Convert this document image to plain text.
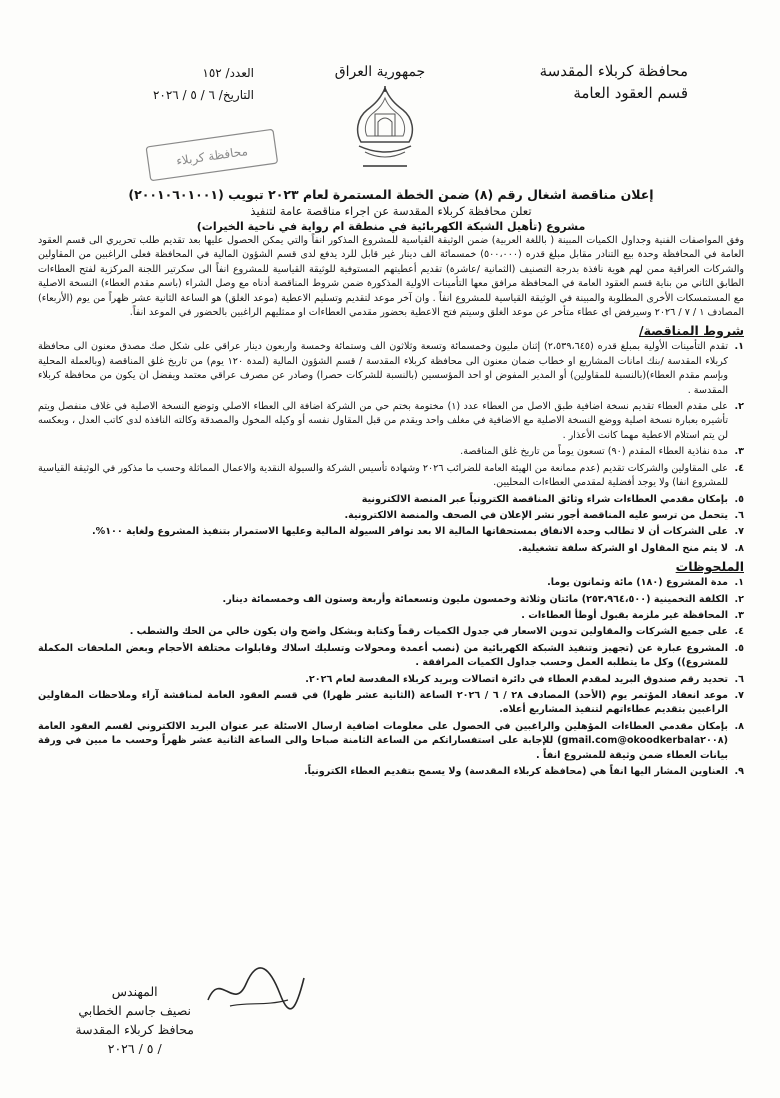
محافظة كربلاء المقدسة
قسم العقود العامة
جمهورية العراق
العدد/ ١٥٢
التاريخ/ ٦ / ٥ / ٢٠٢٦
محافظة كربلاء

إعلان مناقصة اشغال رقم (٨) ضمن الخطة المستمرة لعام ٢٠٢٣ تبويب (٢٠٠١٠٦٠١٠٠١)

تعلن محافظة كربلاء المقدسة عن اجراء مناقصة عامة لتنفيذ

مشروع (تأهيل الشبكة الكهربائية في منطقة ام رواية في ناحية الخيرات)

وفق المواصفات الفنية وجداول الكميات المبينة ( باللغة العربية) ضمن الوثيقة القياسية للمشروع المذكور انفاً والتي يمكن الحصول عليها بعد تقديم طلب تحريري الى قسم العقود العامة في المحافظة وحدة بيع التنادر مقابل مبلغ قدره (٥٠٠،٠٠٠) خمسمائة الف دينار غير قابل للرد يدفع لدى قسم الشؤون المالية في المحافظة فعلى الراغبين من المقاولين والشركات العراقية ممن لهم هوية نافذة بدرجة التصنيف (الثمانية /عاشرة) تقديم أعطيتهم المستوفية للوثيقة القياسية للمشروع انفاً الى سكرتير اللجنة المركزية لفتح العطاءات الطابق الثاني من بناية قسم العقود العامة في المحافظة مرافق معها التأمينات الاولية المذكورة ضمن شروط المناقصة أدناه مع وصل الشراء (باسم مقدم العطاء) النسخة الاصلية مع المستمسكات الأخرى المطلوبة والمبينة في الوثيقة القياسية للمشروع انفاً . وان آخر موعد لتقديم وتسليم الاعطية (موعد الغلق) هو الساعة الثانية عشر ظهراً من يوم (الأربعاء) المصادف ١ / ٧ / ٢٠٢٦ وسيرفض اي عطاء متأخر عن موعد الغلق وسيتم فتح الاعطية بحضور مقدمي العطاءات او ممثليهم الراغبين بالحضور في الموعد انفاً.

شروط المناقصة/
١.
تقدم التأمينات الأولية بمبلغ قدره (٢،٥٣٩،٦٤٥) إثنان مليون وخمسمائة وتسعة وثلاثون الف وستمائة وخمسة واربعون دينار عراقي على شكل صك مصدق معنون الى محافظة كربلاء المقدسة /بنك امانات المشاريع او خطاب ضمان معنون الى محافظة كربلاء المقدسة / قسم الشؤون المالية (لمدة ١٢٠ يوم) من تاريخ غلق المناقصة (وبالعملة المحلية وبإسم مقدم العطاء)(بالنسبة للمقاولين) أو المدير المفوض او احد المؤسسين (بالنسبة للشركات حصرا) وصادر عن مصرف عراقي معتمد ويفضل ان يكون من محافظة كربلاء المقدسة .
٢.
على مقدم العطاء تقديم نسخة اضافية طبق الاصل من العطاء عدد (١) مختومة بختم حي من الشركة اضافة الى العطاء الاصلي وتوضع النسخة الاصلية في غلاف منفصل ويتم تأشيره بعبارة نسخة اصلية ووضع النسخة الاصلية مع الاضافية في مغلف واحد ويقدم من قبل المقاول نفسه أو وكيله المخول والمصدقة وكالته النافذة لدى كاتب العدل ، وبعكسه لن يتم استلام الاعطية مهما كانت الأعذار .
٣.
مدة نفاذية العطاء المقدم (٩٠) تسعون يوماً من تاريخ غلق المناقصة.
٤.
على المقاولين والشركات تقديم (عدم ممانعة من الهيئة العامة للضرائب ٢٠٢٦ وشهادة تأسيس الشركة والسيولة النقدية والاعمال المماثلة وحسب ما مذكور في الوثيقة القياسية للمشروع انفا) ولا يوجد أفضلية لمقدمي العطاءات المحليين.
٥.
بإمكان مقدمي العطاءات شراء وثائق المناقصة الكترونياً عبر المنصة الالكترونية
٦.
يتحمل من ترسو عليه المناقصة أجور نشر الإعلان في الصحف والمنصة الالكترونية.
٧.
على الشركات أن لا تطالب وحدة الانفاق بمستحقاتها المالية الا بعد توافر السيولة المالية وعليها الاستمرار بتنفيذ المشروع ولغاية ١٠٠%.
٨.
لا يتم منح المقاول او الشركة سلفة تشغيلية.
الملحوظات
١.
مدة المشروع (١٨٠) مائة وثمانون يوما.
٢.
الكلفة التخمينية (٢٥٣،٩٦٤،٥٠٠) مائتان وثلاثة وخمسون مليون وتسعمائة وأربعة وستون الف وخمسمائة دينار.
٣.
المحافظة غير ملزمة بقبول أوطأ العطاءات .
٤.
على جميع الشركات والمقاولين تدوين الاسعار في جدول الكميات رقماً وكتابة وبشكل واضح وان يكون خالي من الحك والشطب .
٥.
المشروع عبارة عن (تجهيز وتنفيذ الشبكة الكهربائية من (نصب أعمدة ومحولات وتسليك اسلاك وقابلوات مختلفة الأحجام وبعض الملحقات المكملة للمشروع)) وكل ما يتطلبه العمل وحسب جداول الكميات المرافقة .
٦.
تحديد رقم صندوق البريد لمقدم العطاء في دائرة اتصالات وبريد كربلاء المقدسة لعام ٢٠٢٦.
٧.
موعد انعقاد المؤتمر يوم (الأحد) المصادف ٢٨ / ٦ / ٢٠٢٦ الساعة (الثانية عشر ظهرا) في قسم العقود العامة لمناقشة آراء وملاحظات المقاولين الراغبين بتقديم عطاءاتهم لتنفيذ المشاريع أعلاه.
٨.
بإمكان مقدمي العطاءات المؤهلين والراغبين في الحصول على معلومات اضافية ارسال الاسئلة عبر عنوان البريد الالكتروني لقسم العقود العامة (okoodkerbala٢٠٠٨@gmail.com) للإجابة على استفساراتكم من الساعة الثامنة صباحا والى الساعة الثانية عشر ظهراً وحسب ما مبين في ورقة بيانات العطاء ضمن وثيقة للمشروع انفاً .
٩.
العناوين المشار اليها انفاً هي (محافظة كربلاء المقدسة) ولا يسمح بتقديم العطاء الكترونياً.
المهندس
نصيف جاسم الخطابي
محافظ كربلاء المقدسة
/ ٥ / ٢٠٢٦
